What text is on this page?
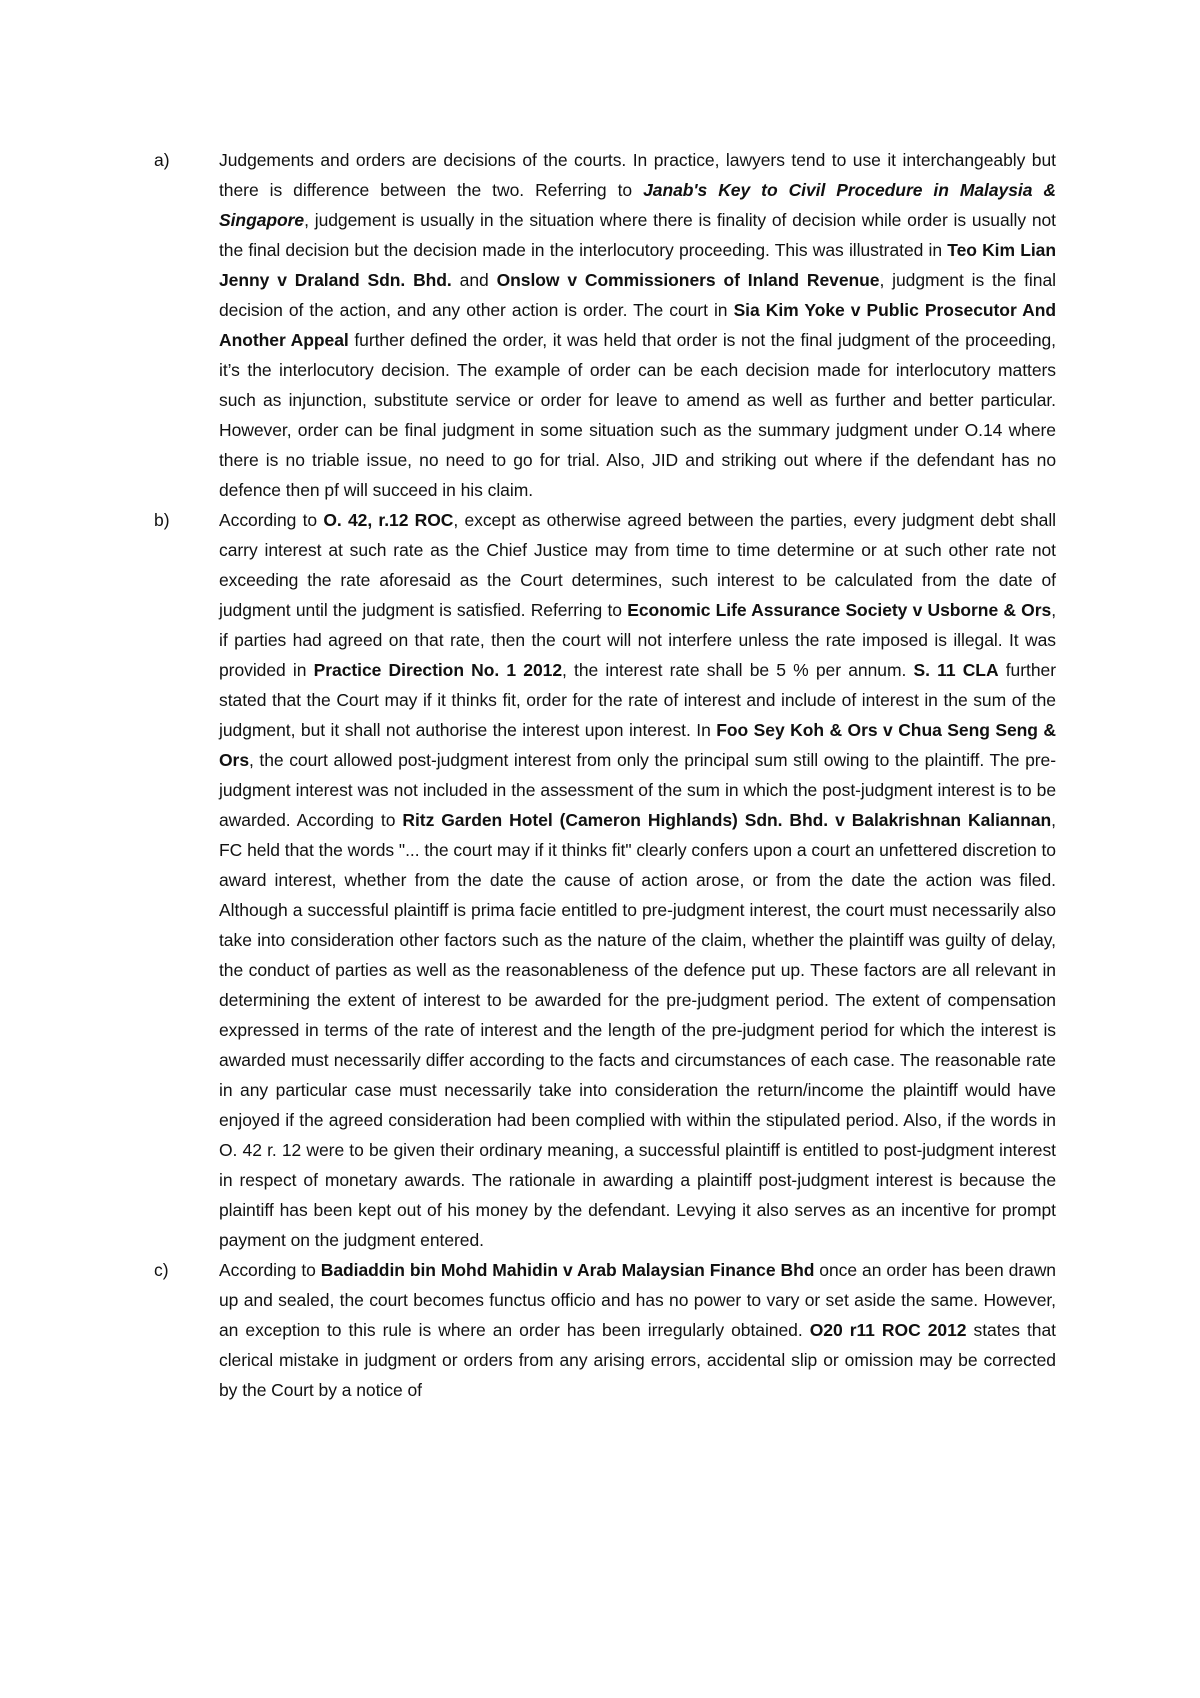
a)	Judgements and orders are decisions of the courts. In practice, lawyers tend to use it interchangeably but there is difference between the two. Referring to Janab's Key to Civil Procedure in Malaysia & Singapore, judgement is usually in the situation where there is finality of decision while order is usually not the final decision but the decision made in the interlocutory proceeding. This was illustrated in Teo Kim Lian Jenny v Draland Sdn. Bhd. and Onslow v Commissioners of Inland Revenue, judgment is the final decision of the action, and any other action is order. The court in Sia Kim Yoke v Public Prosecutor And Another Appeal further defined the order, it was held that order is not the final judgment of the proceeding, it’s the interlocutory decision. The example of order can be each decision made for interlocutory matters such as injunction, substitute service or order for leave to amend as well as further and better particular. However, order can be final judgment in some situation such as the summary judgment under O.14 where there is no triable issue, no need to go for trial. Also, JID and striking out where if the defendant has no defence then pf will succeed in his claim.

b)	According to O. 42, r.12 ROC, except as otherwise agreed between the parties, every judgment debt shall carry interest at such rate as the Chief Justice may from time to time determine or at such other rate not exceeding the rate aforesaid as the Court determines, such interest to be calculated from the date of judgment until the judgment is satisfied. Referring to Economic Life Assurance Society v Usborne & Ors, if parties had agreed on that rate, then the court will not interfere unless the rate imposed is illegal. It was provided in Practice Direction No. 1 2012, the interest rate shall be 5 % per annum. S. 11 CLA further stated that the Court may if it thinks fit, order for the rate of interest and include of interest in the sum of the judgment, but it shall not authorise the interest upon interest. In Foo Sey Koh & Ors v Chua Seng Seng & Ors, the court allowed post-judgment interest from only the principal sum still owing to the plaintiff. The pre-judgment interest was not included in the assessment of the sum in which the post-judgment interest is to be awarded. According to Ritz Garden Hotel (Cameron Highlands) Sdn. Bhd. v Balakrishnan Kaliannan, FC held that the words "... the court may if it thinks fit" clearly confers upon a court an unfettered discretion to award interest, whether from the date the cause of action arose, or from the date the action was filed. Although a successful plaintiff is prima facie entitled to pre-judgment interest, the court must necessarily also take into consideration other factors such as the nature of the claim, whether the plaintiff was guilty of delay, the conduct of parties as well as the reasonableness of the defence put up. These factors are all relevant in determining the extent of interest to be awarded for the pre-judgment period. The extent of compensation expressed in terms of the rate of interest and the length of the pre-judgment period for which the interest is awarded must necessarily differ according to the facts and circumstances of each case. The reasonable rate in any particular case must necessarily take into consideration the return/income the plaintiff would have enjoyed if the agreed consideration had been complied with within the stipulated period. Also, if the words in O. 42 r. 12 were to be given their ordinary meaning, a successful plaintiff is entitled to post-judgment interest in respect of monetary awards. The rationale in awarding a plaintiff post-judgment interest is because the plaintiff has been kept out of his money by the defendant. Levying it also serves as an incentive for prompt payment on the judgment entered.

c)	According to Badiaddin bin Mohd Mahidin v Arab Malaysian Finance Bhd once an order has been drawn up and sealed, the court becomes functus officio and has no power to vary or set aside the same. However, an exception to this rule is where an order has been irregularly obtained. O20 r11 ROC 2012 states that clerical mistake in judgment or orders from any arising errors, accidental slip or omission may be corrected by the Court by a notice of
